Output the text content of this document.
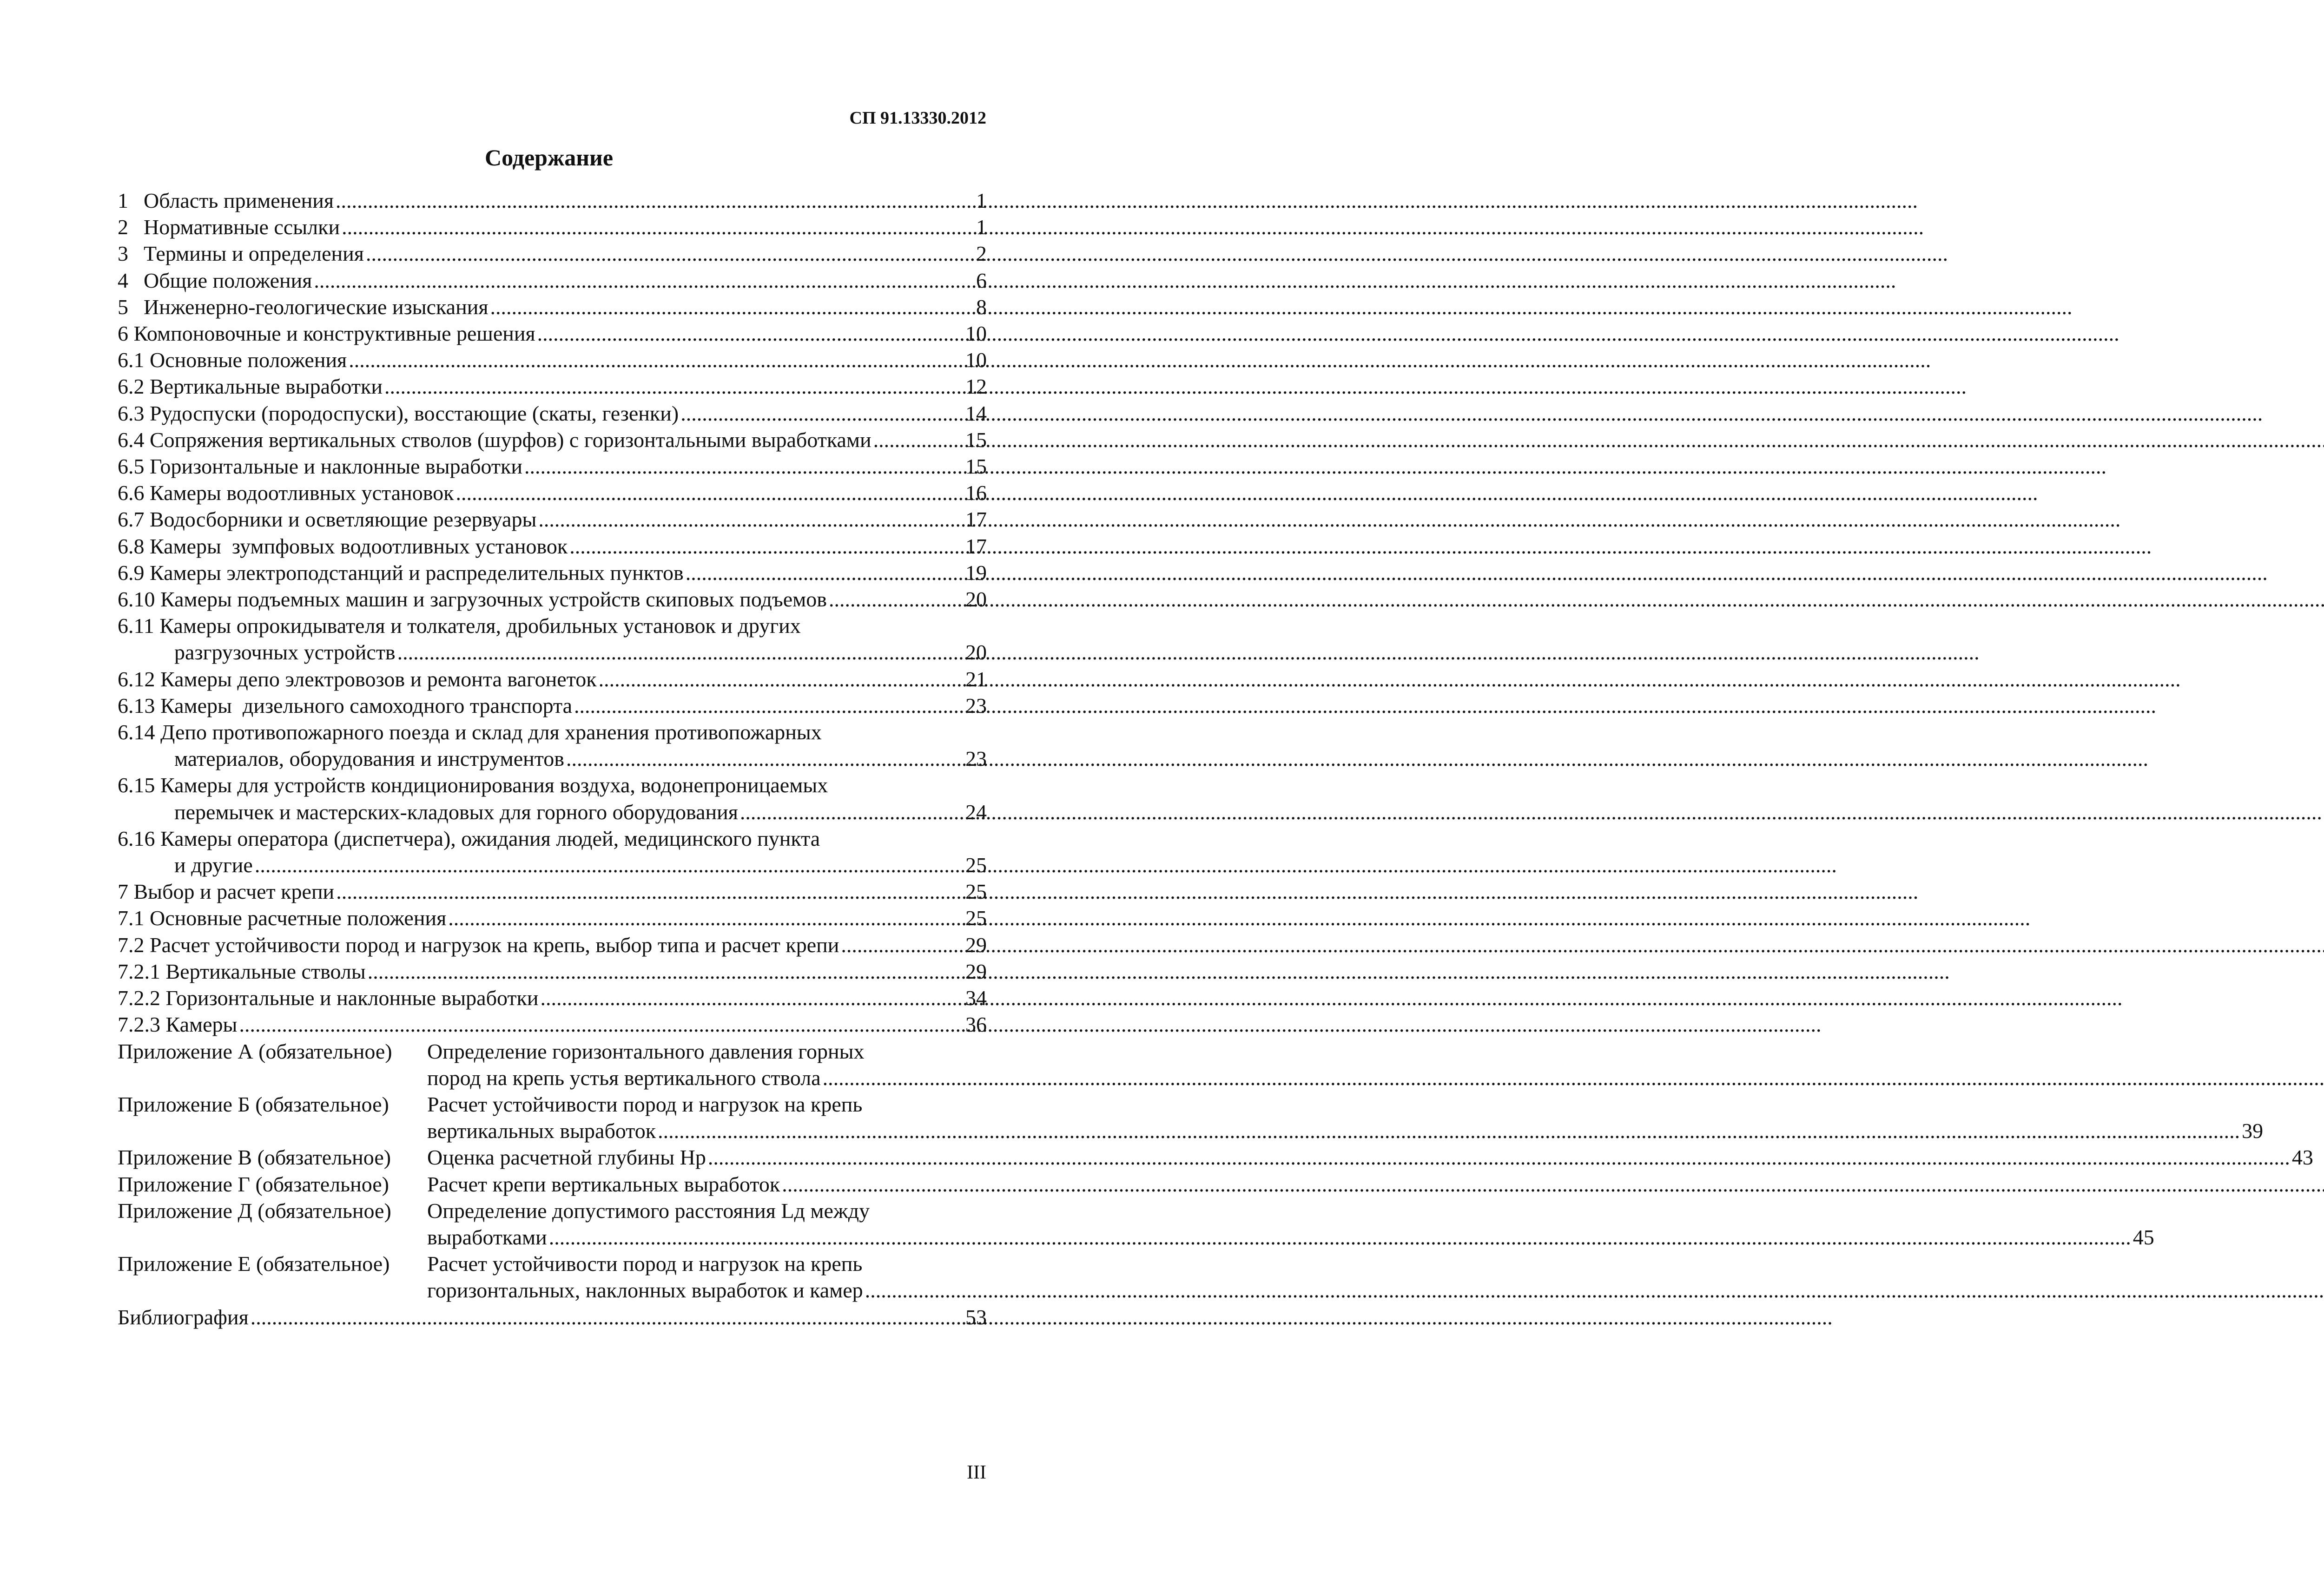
СП 91.13330.2012

Содержание
1 Область применения .....	1
2 Нормативные ссылки .....	1
3 Термины и определения .....	2
4 Общие положения .....	6
5 Инженерно-геологические изыскания .....	8
6 Компоновочные и конструктивные решения .....	10
6.1 Основные положения .....	10
6.2 Вертикальные выработки .....	12
6.3 Рудоспуски (породоспуски), восстающие (скаты, гезенки) .....	14
6.4 Сопряжения вертикальных стволов (шурфов) с горизонтальными выработками .....	15
6.5 Горизонтальные и наклонные выработки .....	15
6.6 Камеры водоотливных установок .....	16
6.7 Водосборники и осветляющие резервуары .....	17
6.8 Камеры  зумпфовых водоотливных установок .....	17
6.9 Камеры электроподстанций и распределительных пунктов .....	19
6.10 Камеры подъемных машин и загрузочных устройств скиповых подъемов .....	20
6.11 Камеры опрокидывателя и толкателя, дробильных установок и других
разгрузочных устройств .....	20
6.12 Камеры депо электровозов и ремонта вагонеток .....	21
6.13 Камеры  дизельного самоходного транспорта .....	23
6.14 Депо противопожарного поезда и склад для хранения противопожарных
материалов, оборудования и инструментов .....	23
6.15 Камеры для устройств кондиционирования воздуха, водонепроницаемых
перемычек и мастерских-кладовых для горного оборудования .....	24
6.16 Камеры оператора (диспетчера), ожидания людей, медицинского пункта
и другие .....	25
7 Выбор и расчет крепи .....	25
7.1 Основные расчетные положения .....	25
7.2 Расчет устойчивости пород и нагрузок на крепь, выбор типа и расчет крепи .....	29
7.2.1 Вертикальные стволы .....	29
7.2.2 Горизонтальные и наклонные выработки .....	34
7.2.3 Камеры .....	36
Приложение А (обязательное)	Определение горизонтального давления горных
пород на крепь устья вертикального ствола
.....
Приложение Б (обязательное)	Расчет устойчивости пород и нагрузок на крепь
вертикальных выработок .....	39
Приложение В (обязательное)	Оценка расчетной глубины Hр .....	43
Приложение Г (обязательное)	Расчет крепи вертикальных выработок
.....
Приложение Д (обязательное)	Определение допустимого расстояния Lд между
выработками .....	45
Приложение Е (обязательное)	Расчет устойчивости пород и нагрузок на крепь
горизонтальных, наклонных выработок и камер
.....
Библиография .....	53

III
